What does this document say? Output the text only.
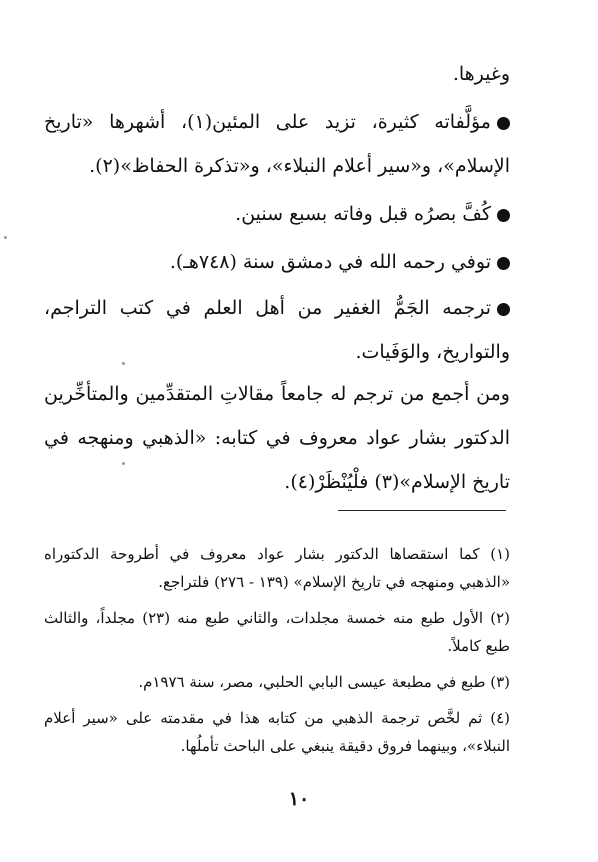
وغيرها.
مؤلَّفاته كثيرة، تزيد على المئين(١)، أشهرها «تاريخ الإسلام»، و«سير أعلام النبلاء»، و«تذكرة الحفاظ»(٢).
كُفَّ بصرُه قبل وفاته بسبع سنين.
توفي رحمه الله في دمشق سنة (٧٤٨هـ).
ترجمه الجَمُّ الغفير من أهل العلم في كتب التراجم، والتواريخ، والوَفَيات.
ومن أجمع من ترجم له جامعاً مقالاتِ المتقدِّمين والمتأخِّرين الدكتور بشار عواد معروف في كتابه: «الذهبي ومنهجه في تاريخ الإسلام»(٣) فلْيُنْظَرْ(٤).

(١) كما استقصاها الدكتور بشار عواد معروف في أطروحة الدكتوراه «الذهبي ومنهجه في تاريخ الإسلام» (١٣٩ - ٢٧٦) فلتراجع.

(٢) الأول طبع منه خمسة مجلدات، والثاني طبع منه (٢٣) مجلداً، والثالث طبع كاملاً.

(٣) طبع في مطبعة عيسى البابي الحلبي، مصر، سنة ١٩٧٦م.

(٤) ثم لخَّص ترجمة الذهبي من كتابه هذا في مقدمته على «سير أعلام النبلاء»، وبينهما فروق دقيقة ينبغي على الباحث تأملُها.

١٠
